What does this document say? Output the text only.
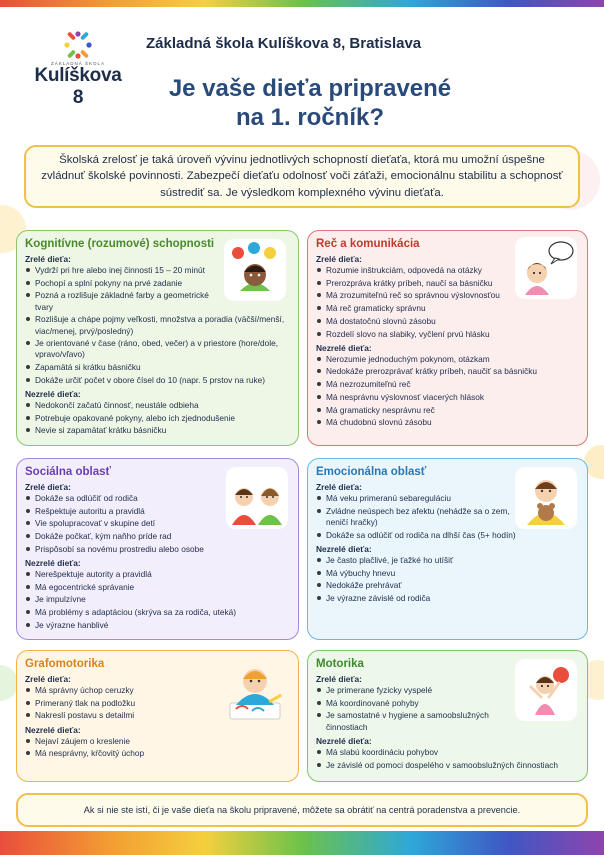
ZÁKLADNÁ ŠKOLA
Kulíškova 8
Základná škola Kulíškova 8, Bratislava
Je vaše dieťa pripravené
na 1. ročník?
Školská zrelosť je taká úroveň vývinu jednotlivých schopností dieťaťa, ktorá mu umožní úspešne zvládnuť školské povinnosti. Zabezpečí dieťaťu odolnosť voči záťaži, emocionálnu stabilitu a schopnosť sústrediť sa. Je výsledkom komplexného vývinu dieťaťa.
Kognitívne (rozumové) schopnosti
Zrelé dieťa:
Vydrží pri hre alebo inej činnosti 15 – 20 minút
Pochopí a splní pokyny na prvé zadanie
Pozná a rozlišuje základné farby a geometrické tvary
Rozlišuje a chápe pojmy veľkosti, množstva a poradia (väčší/menší, viac/menej, prvý/posledný)
Je orientované v čase (ráno, obed, večer) a v priestore (hore/dole, vpravo/vľavo)
Zapamätá si krátku básničku
Dokáže určiť počet v obore čísel do 10 (napr. 5 prstov na ruke)
Nezrelé dieťa:
Nedokončí začatú činnosť, neustále odbieha
Potrebuje opakované pokyny, alebo ich zjednodušenie
Nevie si zapamätať krátku básničku
Reč a komunikácia
Zrelé dieťa:
Rozumie inštrukciám, odpovedá na otázky
Prerozpráva krátky príbeh, naučí sa básničku
Má zrozumiteľnú reč so správnou výslovnosťou
Má reč gramaticky správnu
Má dostatočnú slovnú zásobu
Rozdelí slovo na slabiky, vyčlení prvú hlásku
Nezrelé dieťa:
Nerozumie jednoduchým pokynom, otázkam
Nedokáže prerozprávať krátky príbeh, naučiť sa básničku
Má nezrozumiteľnú reč
Má nesprávnu výslovnosť viacerých hlások
Má gramaticky nesprávnu reč
Má chudobnú slovnú zásobu
Sociálna oblasť
Zrelé dieťa:
Dokáže sa odlúčiť od rodiča
Rešpektuje autoritu a pravidlá
Vie spolupracovať v skupine detí
Dokáže počkať, kým naňho príde rad
Prispôsobí sa novému prostrediu alebo osobe
Nezrelé dieťa:
Nerešpektuje autority a pravidlá
Má egocentrické správanie
Je impulzívne
Má problémy s adaptáciou (skrýva sa za rodiča, uteká)
Je výrazne hanblivé
Emocionálna oblasť
Zrelé dieťa:
Má veku primeranú sebareguláciu
Zvládne neúspech bez afektu (nehádže sa o zem, neničí hračky)
Dokáže sa odlúčiť od rodiča na dlhší čas (5+ hodín)
Nezrelé dieťa:
Je často plačlivé, je ťažké ho utíšiť
Má výbuchy hnevu
Nedokáže prehrávať
Je výrazne závislé od rodiča
Grafomotorika
Zrelé dieťa:
Má správny úchop ceruzky
Primeraný tlak na podložku
Nakreslí postavu s detailmi
Nezrelé dieťa:
Nejaví záujem o kreslenie
Má nesprávny, kŕčovitý úchop
Motorika
Zrelé dieťa:
Je primerane fyzicky vyspelé
Má koordinované pohyby
Je samostatné v hygiene a samoobslužných činnostiach
Nezrelé dieťa:
Má slabú koordináciu pohybov
Je závislé od pomoci dospelého v samoobslužných činnostiach
Ak si nie ste istí, či je vaše dieťa na školu pripravené, môžete sa obrátiť na centrá poradenstva a prevencie.
